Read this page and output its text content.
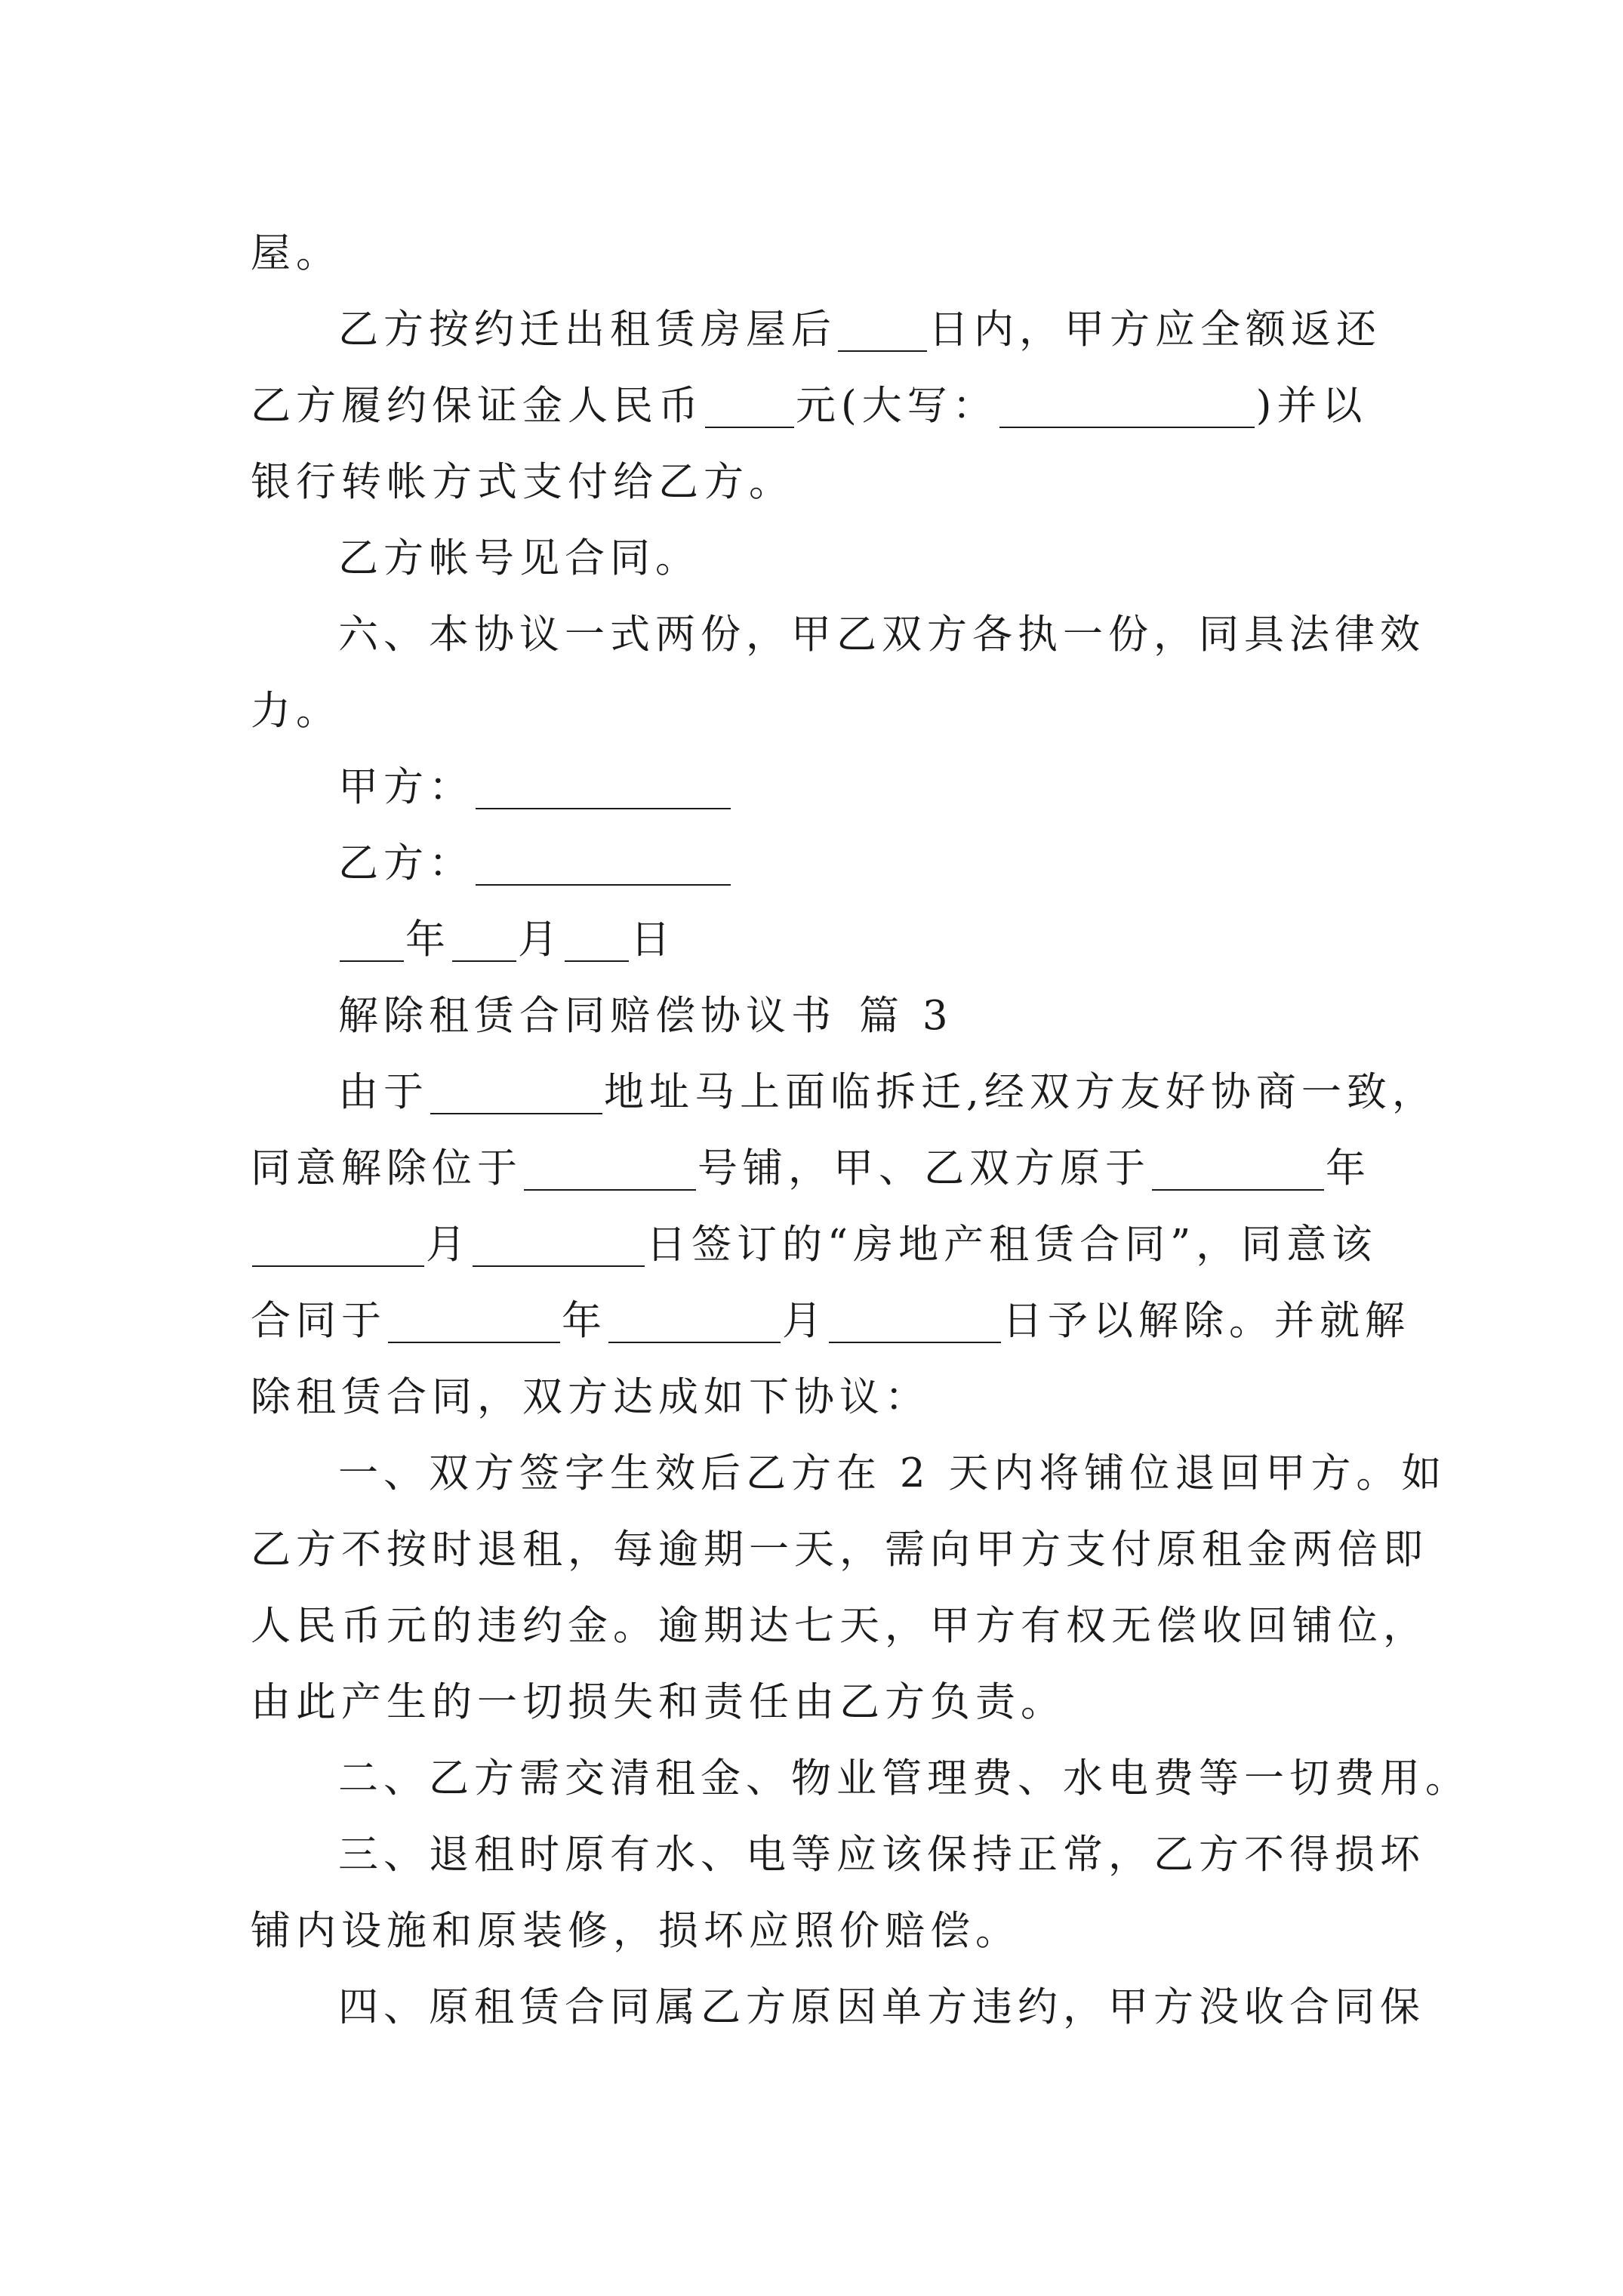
屋。
乙方按约迁出租赁房屋后 日内，甲方应全额返还
乙方履约保证金人民币 元(大写：	)并以
银行转帐方式支付给乙方。
乙方帐号见合同。
六、本协议一式两份，甲乙双方各执一份，同具法律效
力。
甲方：
乙方：
年 月 日
解除租赁合同赔偿协议书 篇 3
由于	地址马上面临拆迁,经双方友好协商一致，
同意解除位于	号铺，甲、乙双方原于	年
月	日签订的“房地产租赁合同”，同意该
合同于	年	月	日予以解除。并就解
除租赁合同，双方达成如下协议：
一、双方签字生效后乙方在 2 天内将铺位退回甲方。如
乙方不按时退租，每逾期一天，需向甲方支付原租金两倍即
人民币元的违约金。逾期达七天，甲方有权无偿收回铺位，
由此产生的一切损失和责任由乙方负责。
二、乙方需交清租金、物业管理费、水电费等一切费用。
三、退租时原有水、电等应该保持正常，乙方不得损坏
铺内设施和原装修，损坏应照价赔偿。
四、原租赁合同属乙方原因单方违约，甲方没收合同保
